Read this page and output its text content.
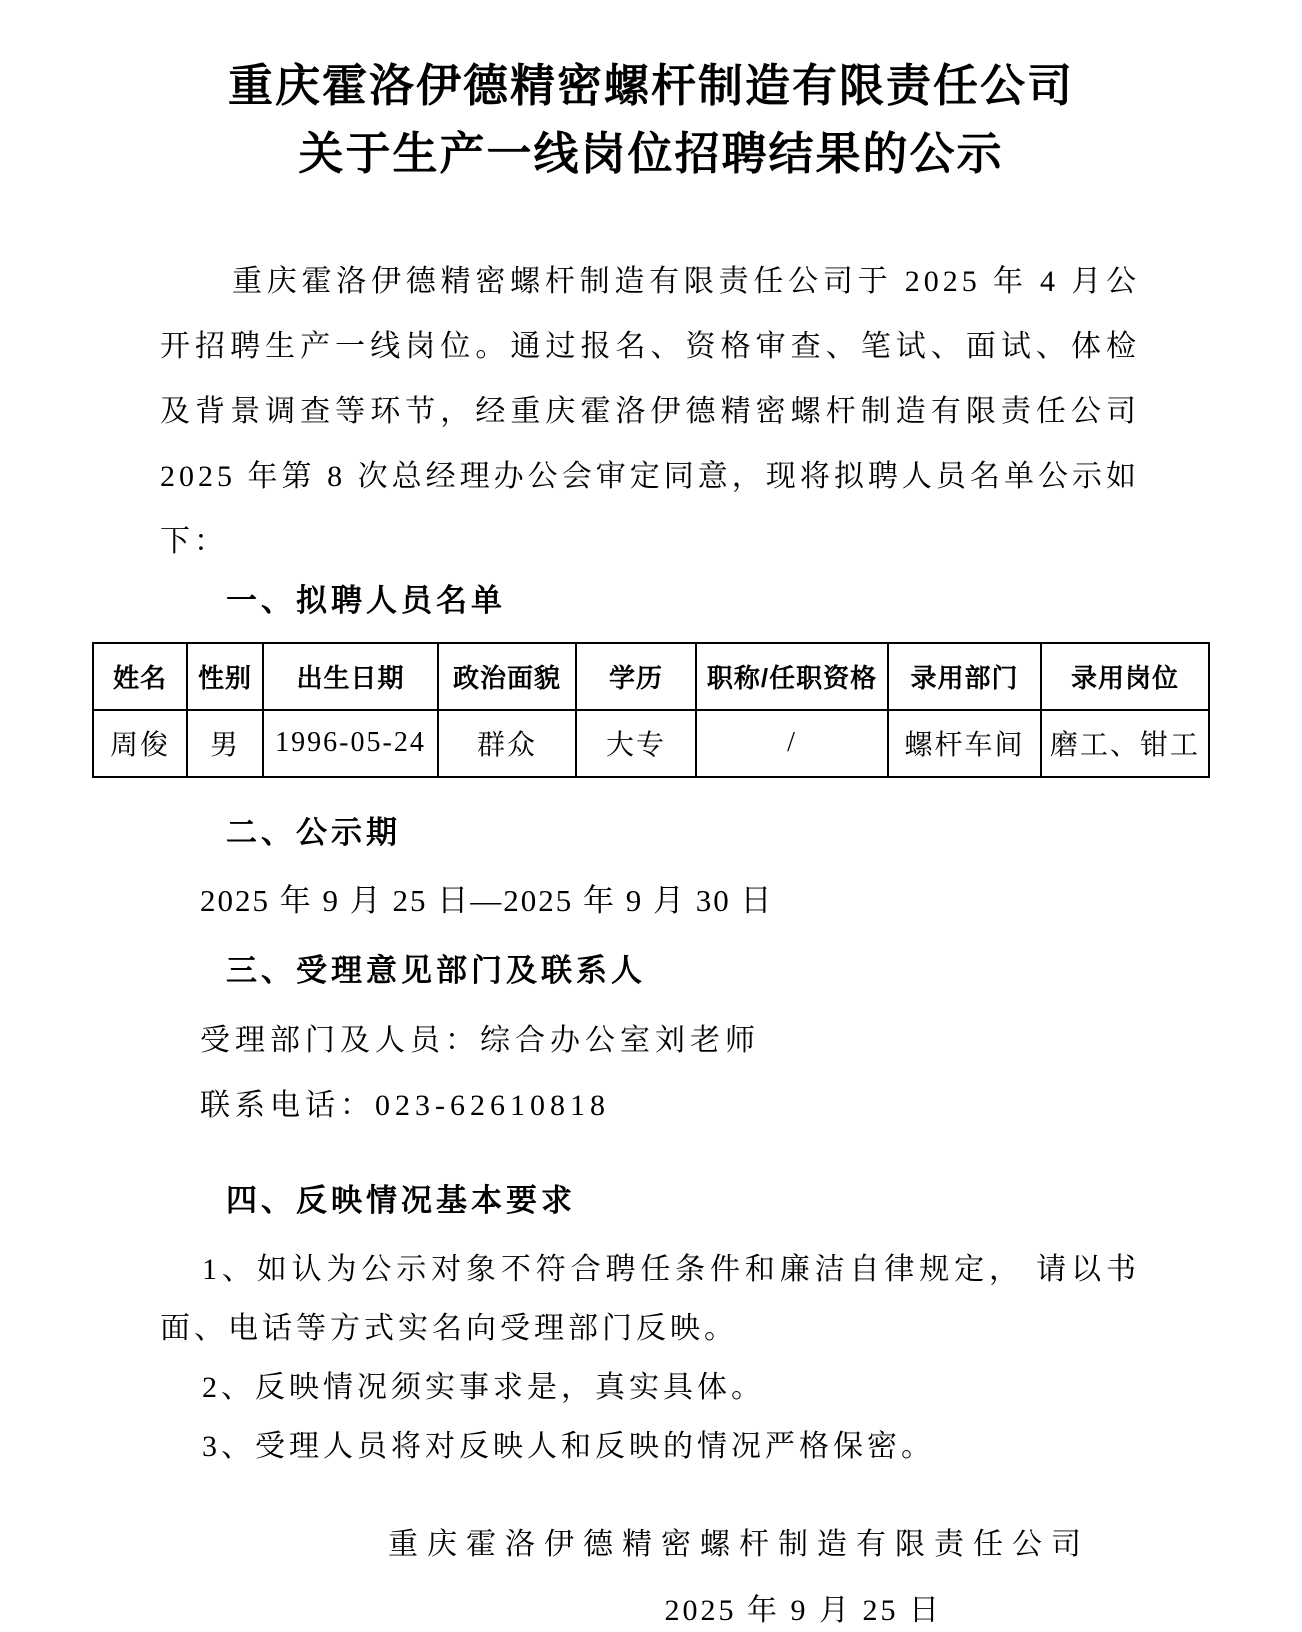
重庆霍洛伊德精密螺杆制造有限责任公司
关于生产一线岗位招聘结果的公示

重庆霍洛伊德精密螺杆制造有限责任公司于 2025 年 4 月公开招聘生产一线岗位。通过报名、资格审查、笔试、面试、体检及背景调查等环节，经重庆霍洛伊德精密螺杆制造有限责任公司 2025 年第 8 次总经理办公会审定同意，现将拟聘人员名单公示如下：

一、拟聘人员名单
姓名	性别	出生日期	政治面貌	学历	职称/任职资格	录用部门	录用岗位
周俊	男	1996-05-24	群众	大专	/	螺杆车间	磨工、钳工
二、公示期
2025 年 9 月 25 日—2025 年 9 月 30 日
三、受理意见部门及联系人
受理部门及人员：综合办公室刘老师
联系电话：023-62610818
四、反映情况基本要求

1、如认为公示对象不符合聘任条件和廉洁自律规定， 请以书面、电话等方式实名向受理部门反映。

2、反映情况须实事求是，真实具体。

3、受理人员将对反映人和反映的情况严格保密。

重庆霍洛伊德精密螺杆制造有限责任公司
2025 年 9 月 25 日
